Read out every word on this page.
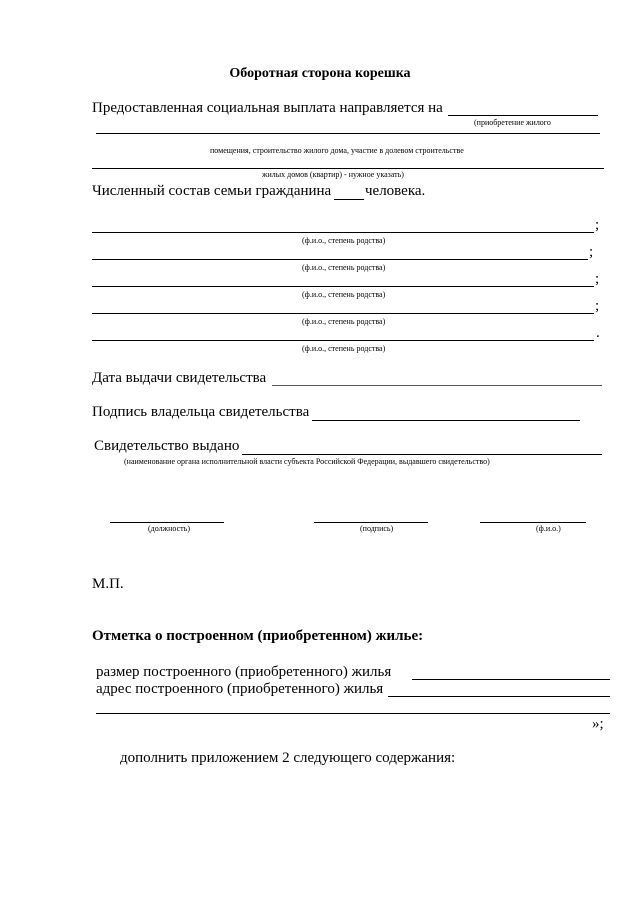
Оборотная сторона корешка
Предоставленная социальная выплата направляется на
(приобретение жилого
помещения, строительство жилого дома, участие в долевом строительстве
жилых домов (квартир) - нужное указать)
Численный состав семьи гражданина человека.
;
(ф.и.о., степень родства)
;
(ф.и.о., степень родства)
;
(ф.и.о., степень родства)
;
(ф.и.о., степень родства)
.
(ф.и.о., степень родства)
Дата выдачи свидетельства
Подпись владельца свидетельства
Свидетельство выдано
(наименование органа исполнительной власти субъекта Российской Федерации, выдавшего свидетельство)
(должность)	(подпись)	(ф.и.о.)
М.П.
Отметка о построенном (приобретенном) жилье:
размер построенного (приобретенного) жилья
адрес построенного (приобретенного) жилья
»;
дополнить приложением 2 следующего содержания:
